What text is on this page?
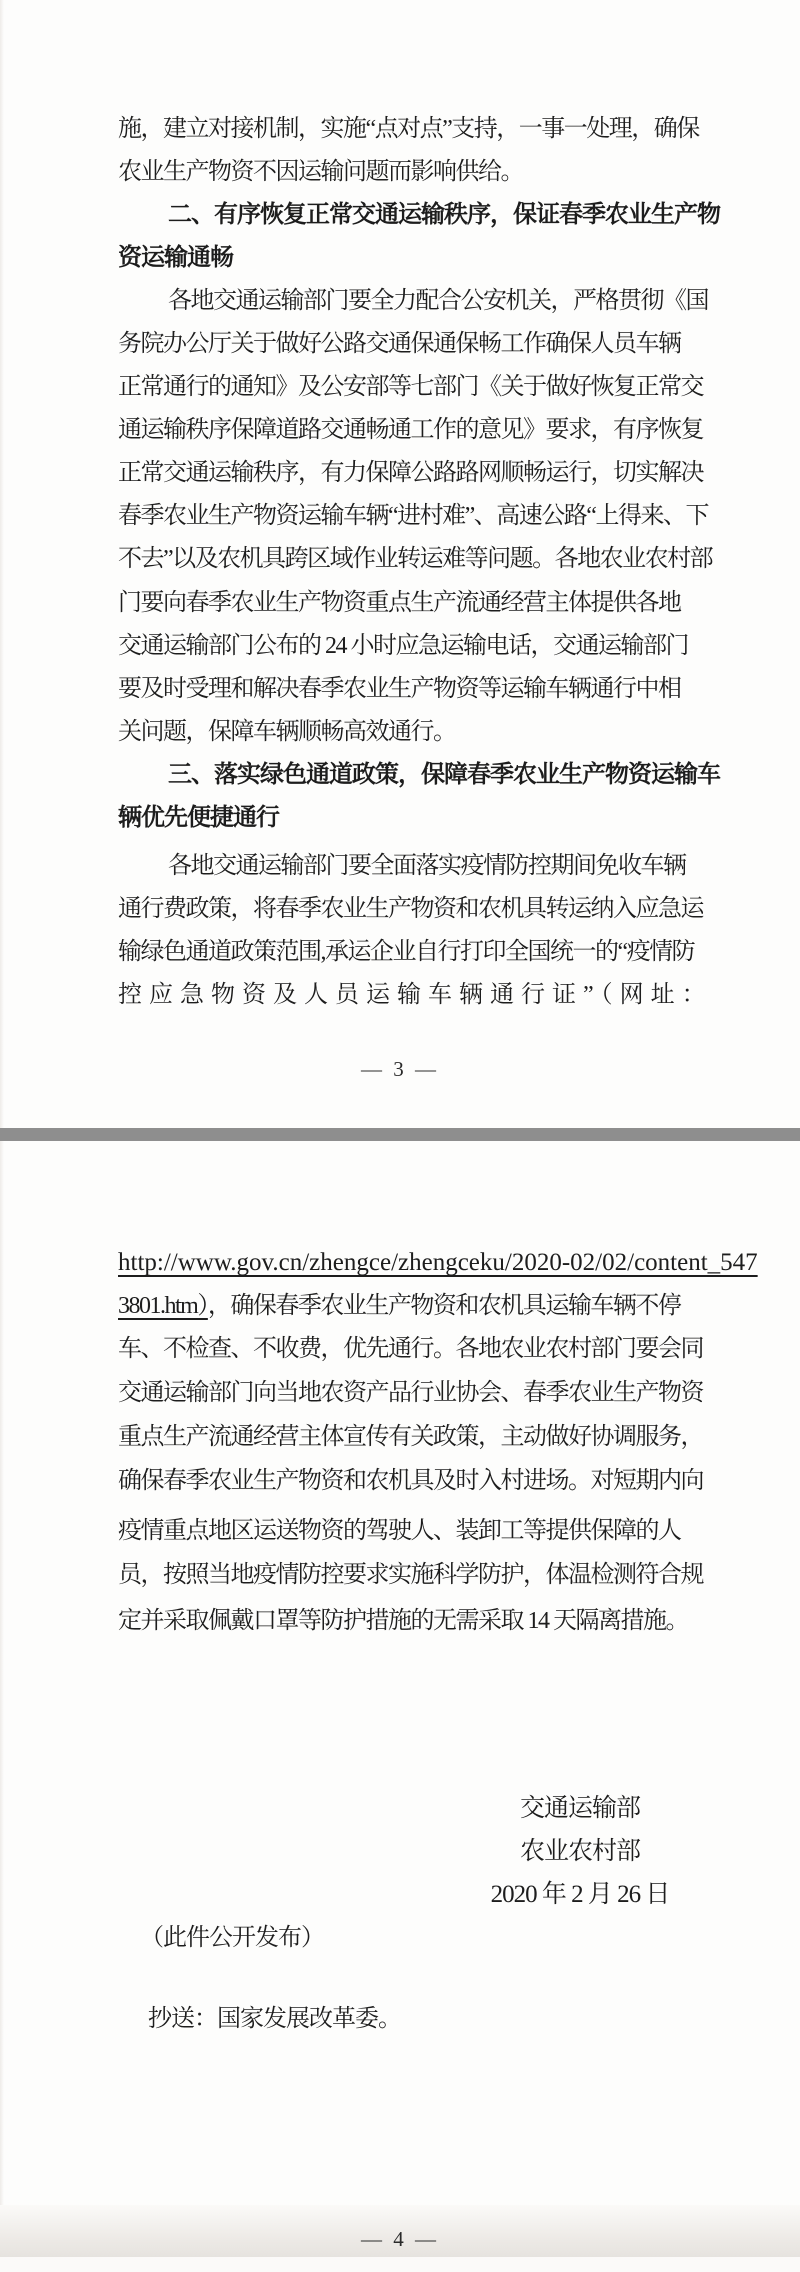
施，建立对接机制，实施“点对点”支持，一事一处理，确保
农业生产物资不因运输问题而影响供给。
二、有序恢复正常交通运输秩序，保证春季农业生产物
资运输通畅
各地交通运输部门要全力配合公安机关，严格贯彻《国
务院办公厅关于做好公路交通保通保畅工作确保人员车辆
正常通行的通知》及公安部等七部门《关于做好恢复正常交
通运输秩序保障道路交通畅通工作的意见》要求，有序恢复
正常交通运输秩序，有力保障公路路网顺畅运行，切实解决
春季农业生产物资运输车辆“进村难”、高速公路“上得来、下
不去”以及农机具跨区域作业转运难等问题。各地农业农村部
门要向春季农业生产物资重点生产流通经营主体提供各地
交通运输部门公布的 24 小时应急运输电话，交通运输部门
要及时受理和解决春季农业生产物资等运输车辆通行中相
关问题，保障车辆顺畅高效通行。
三、落实绿色通道政策，保障春季农业生产物资运输车
辆优先便捷通行
各地交通运输部门要全面落实疫情防控期间免收车辆
通行费政策，将春季农业生产物资和农机具转运纳入应急运
输绿色通道政策范围,承运企业自行打印全国统一的“疫情防
控应急物资及人员运输车辆通行证”（网址：
— 3 —
http://www.gov.cn/zhengce/zhengceku/2020-02/02/content_547
3801.htm），确保春季农业生产物资和农机具运输车辆不停
车、不检查、不收费，优先通行。各地农业农村部门要会同
交通运输部门向当地农资产品行业协会、春季农业生产物资
重点生产流通经营主体宣传有关政策，主动做好协调服务，
确保春季农业生产物资和农机具及时入村进场。对短期内向
疫情重点地区运送物资的驾驶人、装卸工等提供保障的人
员，按照当地疫情防控要求实施科学防护，体温检测符合规
定并采取佩戴口罩等防护措施的无需采取 14 天隔离措施。
交通运输部
农业农村部
2020 年 2 月 26 日
（此件公开发布）
抄送：国家发展改革委。
— 4 —
